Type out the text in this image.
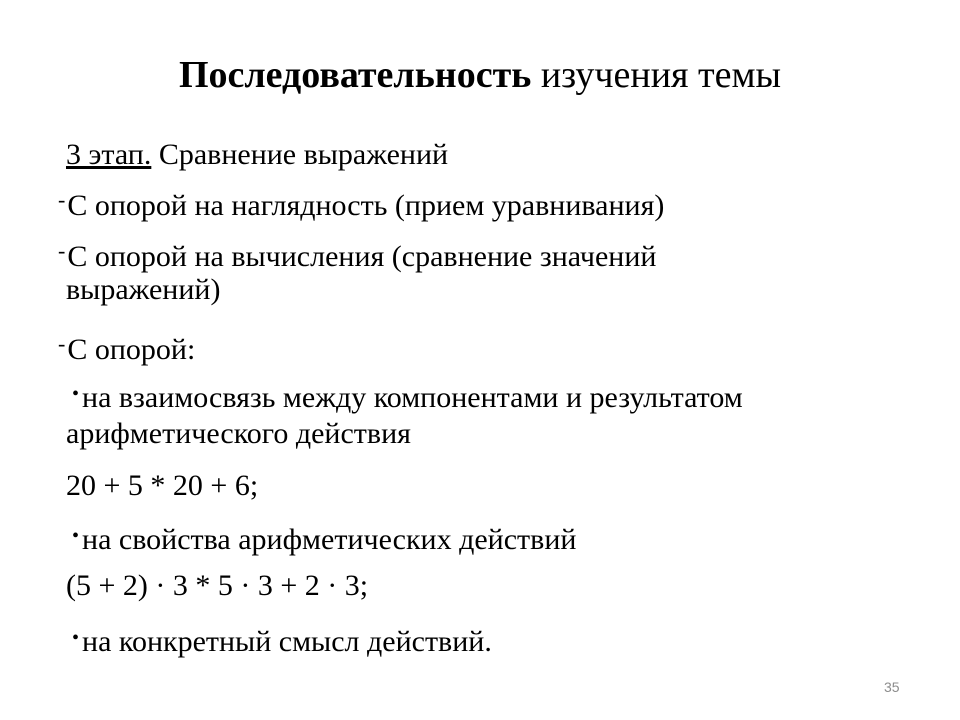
Последовательность изучения темы
3 этап. Сравнение выражений
-С опорой на наглядность (прием уравнивания)
-С опорой на вычисления (сравнение значений
выражений)
-С опорой:
• на взаимосвязь между компонентами и результатом
арифметического действия
20 + 5 * 20 + 6;
• на свойства арифметических действий
(5 + 2) · 3 * 5 · 3 + 2 · 3;
• на конкретный смысл действий.
35
